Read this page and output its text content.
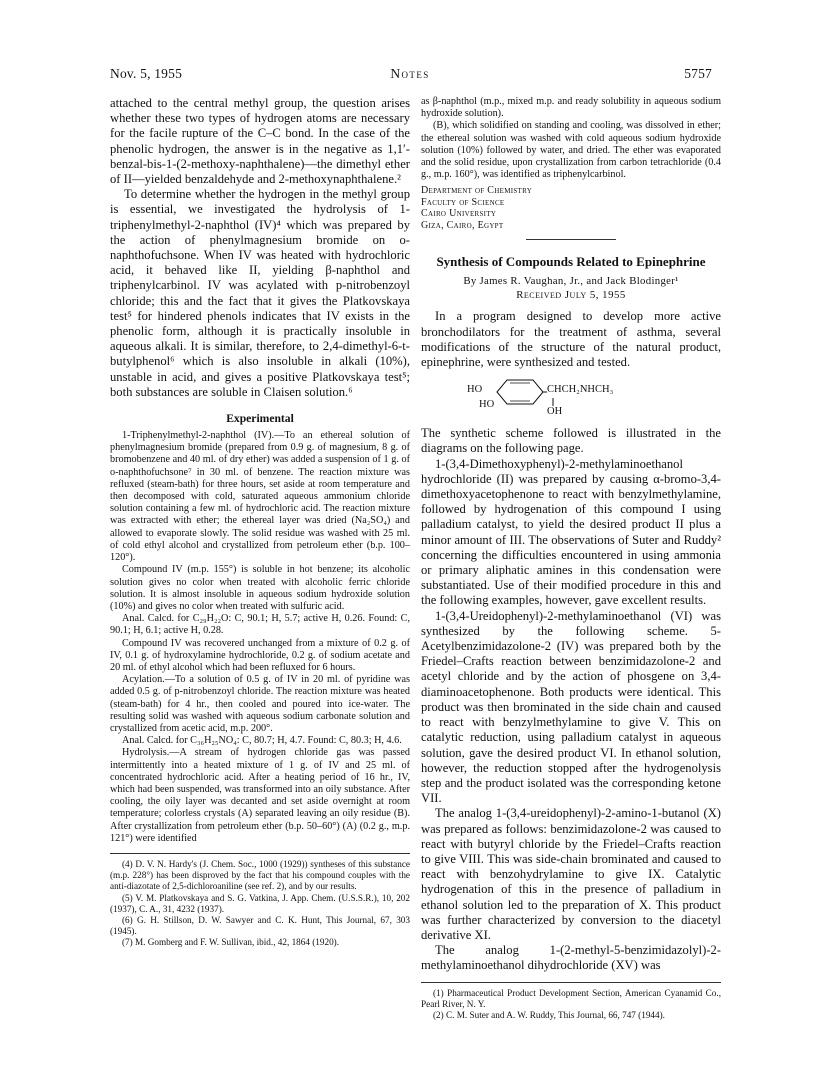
Nov. 5, 1955	Notes	5757

attached to the central methyl group, the question arises whether these two types of hydrogen atoms are necessary for the facile rupture of the C–C bond. In the case of the phenolic hydrogen, the answer is in the negative as 1,1′-benzal-bis-1-(2-methoxy-naphthalene)—the dimethyl ether of II—yielded benzaldehyde and 2-methoxynaphthalene.²

To determine whether the hydrogen in the methyl group is essential, we investigated the hydrolysis of 1-triphenylmethyl-2-naphthol (IV)⁴ which was prepared by the action of phenylmagnesium bromide on o-naphthofuchsone. When IV was heated with hydrochloric acid, it behaved like II, yielding β-naphthol and triphenylcarbinol. IV was acylated with p-nitrobenzoyl chloride; this and the fact that it gives the Platkovskaya test⁵ for hindered phenols indicates that IV exists in the phenolic form, although it is practically insoluble in aqueous alkali. It is similar, therefore, to 2,4-dimethyl-6-t-butylphenol⁶ which is also insoluble in alkali (10%), unstable in acid, and gives a positive Platkovskaya test⁵; both substances are soluble in Claisen solution.⁶

Experimental

1-Triphenylmethyl-2-naphthol (IV).—To an ethereal solution of phenylmagnesium bromide (prepared from 0.9 g. of magnesium, 8 g. of bromobenzene and 40 ml. of dry ether) was added a suspension of 1 g. of o-naphthofuchsone⁷ in 30 ml. of benzene. The reaction mixture was refluxed (steam-bath) for three hours, set aside at room temperature and then decomposed with cold, saturated aqueous ammonium chloride solution containing a few ml. of hydrochloric acid. The reaction mixture was extracted with ether; the ethereal layer was dried (Na₂SO₄) and allowed to evaporate slowly. The solid residue was washed with 25 ml. of cold ethyl alcohol and crystallized from petroleum ether (b.p. 100–120°).

Compound IV (m.p. 155°) is soluble in hot benzene; its alcoholic solution gives no color when treated with alcoholic ferric chloride solution. It is almost insoluble in aqueous sodium hydroxide solution (10%) and gives no color when treated with sulfuric acid.

Anal. Calcd. for C₂₉H₂₂O: C, 90.1; H, 5.7; active H, 0.26. Found: C, 90.1; H, 6.1; active H, 0.28.

Compound IV was recovered unchanged from a mixture of 0.2 g. of IV, 0.1 g. of hydroxylamine hydrochloride, 0.2 g. of sodium acetate and 20 ml. of ethyl alcohol which had been refluxed for 6 hours.

Acylation.—To a solution of 0.5 g. of IV in 20 ml. of pyridine was added 0.5 g. of p-nitrobenzoyl chloride. The reaction mixture was heated (steam-bath) for 4 hr., then cooled and poured into ice-water. The resulting solid was washed with aqueous sodium carbonate solution and crystallized from acetic acid, m.p. 200°.

Anal. Calcd. for C₃₆H₂₅NO₄: C, 80.7; H, 4.7. Found: C, 80.3; H, 4.6.

Hydrolysis.—A stream of hydrogen chloride gas was passed intermittently into a heated mixture of 1 g. of IV and 25 ml. of concentrated hydrochloric acid. After a heating period of 16 hr., IV, which had been suspended, was transformed into an oily substance. After cooling, the oily layer was decanted and set aside overnight at room temperature; colorless crystals (A) separated leaving an oily residue (B). After crystallization from petroleum ether (b.p. 50–60°) (A) (0.2 g., m.p. 121°) were identified

(4) D. V. N. Hardy's (J. Chem. Soc., 1000 (1929)) syntheses of this substance (m.p. 228°) has been disproved by the fact that his compound couples with the anti-diazotate of 2,5-dichloroaniline (see ref. 2), and by our results.

(5) V. M. Platkovskaya and S. G. Vatkina, J. App. Chem. (U.S.S.R.), 10, 202 (1937), C. A., 31, 4232 (1937).

(6) G. H. Stillson, D. W. Sawyer and C. K. Hunt, This Journal, 67, 303 (1945).

(7) M. Gomberg and F. W. Sullivan, ibid., 42, 1864 (1920).

as β-naphthol (m.p., mixed m.p. and ready solubility in aqueous sodium hydroxide solution).

(B), which solidified on standing and cooling, was dissolved in ether; the ethereal solution was washed with cold aqueous sodium hydroxide solution (10%) followed by water, and dried. The ether was evaporated and the solid residue, upon crystallization from carbon tetrachloride (0.4 g., m.p. 160°), was identified as triphenylcarbinol.

Department of Chemistry

Faculty of Science

Cairo University

Giza, Cairo, Egypt

Synthesis of Compounds Related to Epinephrine
By James R. Vaughan, Jr., and Jack Blodinger¹
Received July 5, 1955

In a program designed to develop more active bronchodilators for the treatment of asthma, several modifications of the structure of the natural product, epinephrine, were synthesized and tested.

HO	CHCH₂NHCH₃
HO
OH

The synthetic scheme followed is illustrated in the diagrams on the following page.

1-(3,4-Dimethoxyphenyl)-2-methylaminoethanol hydrochloride (II) was prepared by causing α-bromo-3,4-dimethoxyacetophenone to react with benzylmethylamine, followed by hydrogenation of this compound I using palladium catalyst, to yield the desired product II plus a minor amount of III. The observations of Suter and Ruddy² concerning the difficulties encountered in using ammonia or primary aliphatic amines in this condensation were substantiated. Use of their modified procedure in this and the following examples, however, gave excellent results.

1-(3,4-Ureidophenyl)-2-methylaminoethanol (VI) was synthesized by the following scheme. 5-Acetylbenzimidazolone-2 (IV) was prepared both by the Friedel–Crafts reaction between benzimidazolone-2 and acetyl chloride and by the action of phosgene on 3,4-diaminoacetophenone. Both products were identical. This product was then brominated in the side chain and caused to react with benzylmethylamine to give V. This on catalytic reduction, using palladium catalyst in aqueous solution, gave the desired product VI. In ethanol solution, however, the reduction stopped after the hydrogenolysis step and the product isolated was the corresponding ketone VII.

The analog 1-(3,4-ureidophenyl)-2-amino-1-butanol (X) was prepared as follows: benzimidazolone-2 was caused to react with butyryl chloride by the Friedel–Crafts reaction to give VIII. This was side-chain brominated and caused to react with benzohydrylamine to give IX. Catalytic hydrogenation of this in the presence of palladium in ethanol solution led to the preparation of X. This product was further characterized by conversion to the diacetyl derivative XI.

The analog 1-(2-methyl-5-benzimidazolyl)-2-methylaminoethanol dihydrochloride (XV) was

(1) Pharmaceutical Product Development Section, American Cyanamid Co., Pearl River, N. Y.

(2) C. M. Suter and A. W. Ruddy, This Journal, 66, 747 (1944).
